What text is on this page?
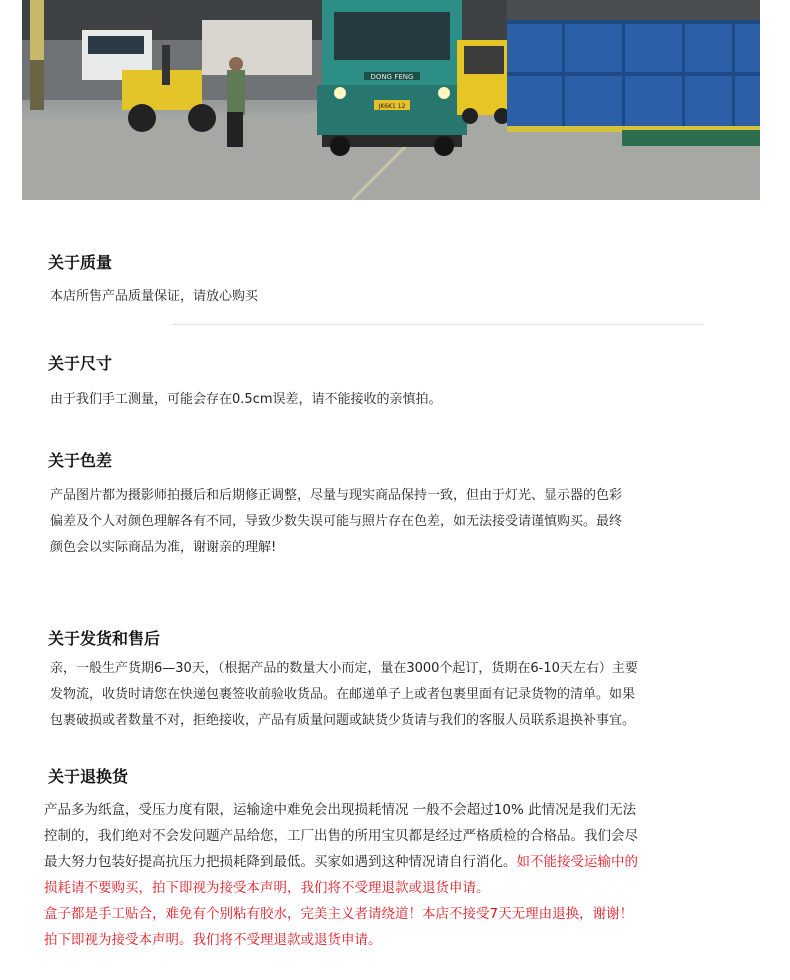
DONG FENG
JK6K1 12
关于质量

本店所售产品质量保证，请放心购买

关于尺寸

由于我们手工测量，可能会存在0.5cm误差，请不能接收的亲慎拍。

关于色差
产品图片都为摄影师拍摄后和后期修正调整，尽量与现实商品保持一致，但由于灯光、显示器的色彩
偏差及个人对颜色理解各有不同，导致少数失误可能与照片存在色差，如无法接受请谨慎购买。最终
颜色会以实际商品为准，谢谢亲的理解!
关于发货和售后
亲，一般生产货期6—30天，（根据产品的数量大小而定，量在3000个起订，货期在6-10天左右）主要
发物流，收货时请您在快递包裹签收前验收货品。在邮递单子上或者包裹里面有记录货物的清单。如果
包裹破损或者数量不对，拒绝接收，产品有质量问题或缺货少货请与我们的客服人员联系退换补事宜。
关于退换货
产品多为纸盒，受压力度有限，运输途中难免会出现损耗情况 一般不会超过10% 此情况是我们无法
控制的，我们绝对不会发问题产品给您，工厂出售的所用宝贝都是经过严格质检的合格品。我们会尽
最大努力包装好提高抗压力把损耗降到最低。买家如遇到这种情况请自行消化。如不能接受运输中的
损耗请不要购买，拍下即视为接受本声明，我们将不受理退款或退货申请。
盒子都是手工贴合，难免有个别粘有胶水，完美主义者请绕道！本店不接受7天无理由退换，谢谢！
拍下即视为接受本声明。我们将不受理退款或退货申请。
